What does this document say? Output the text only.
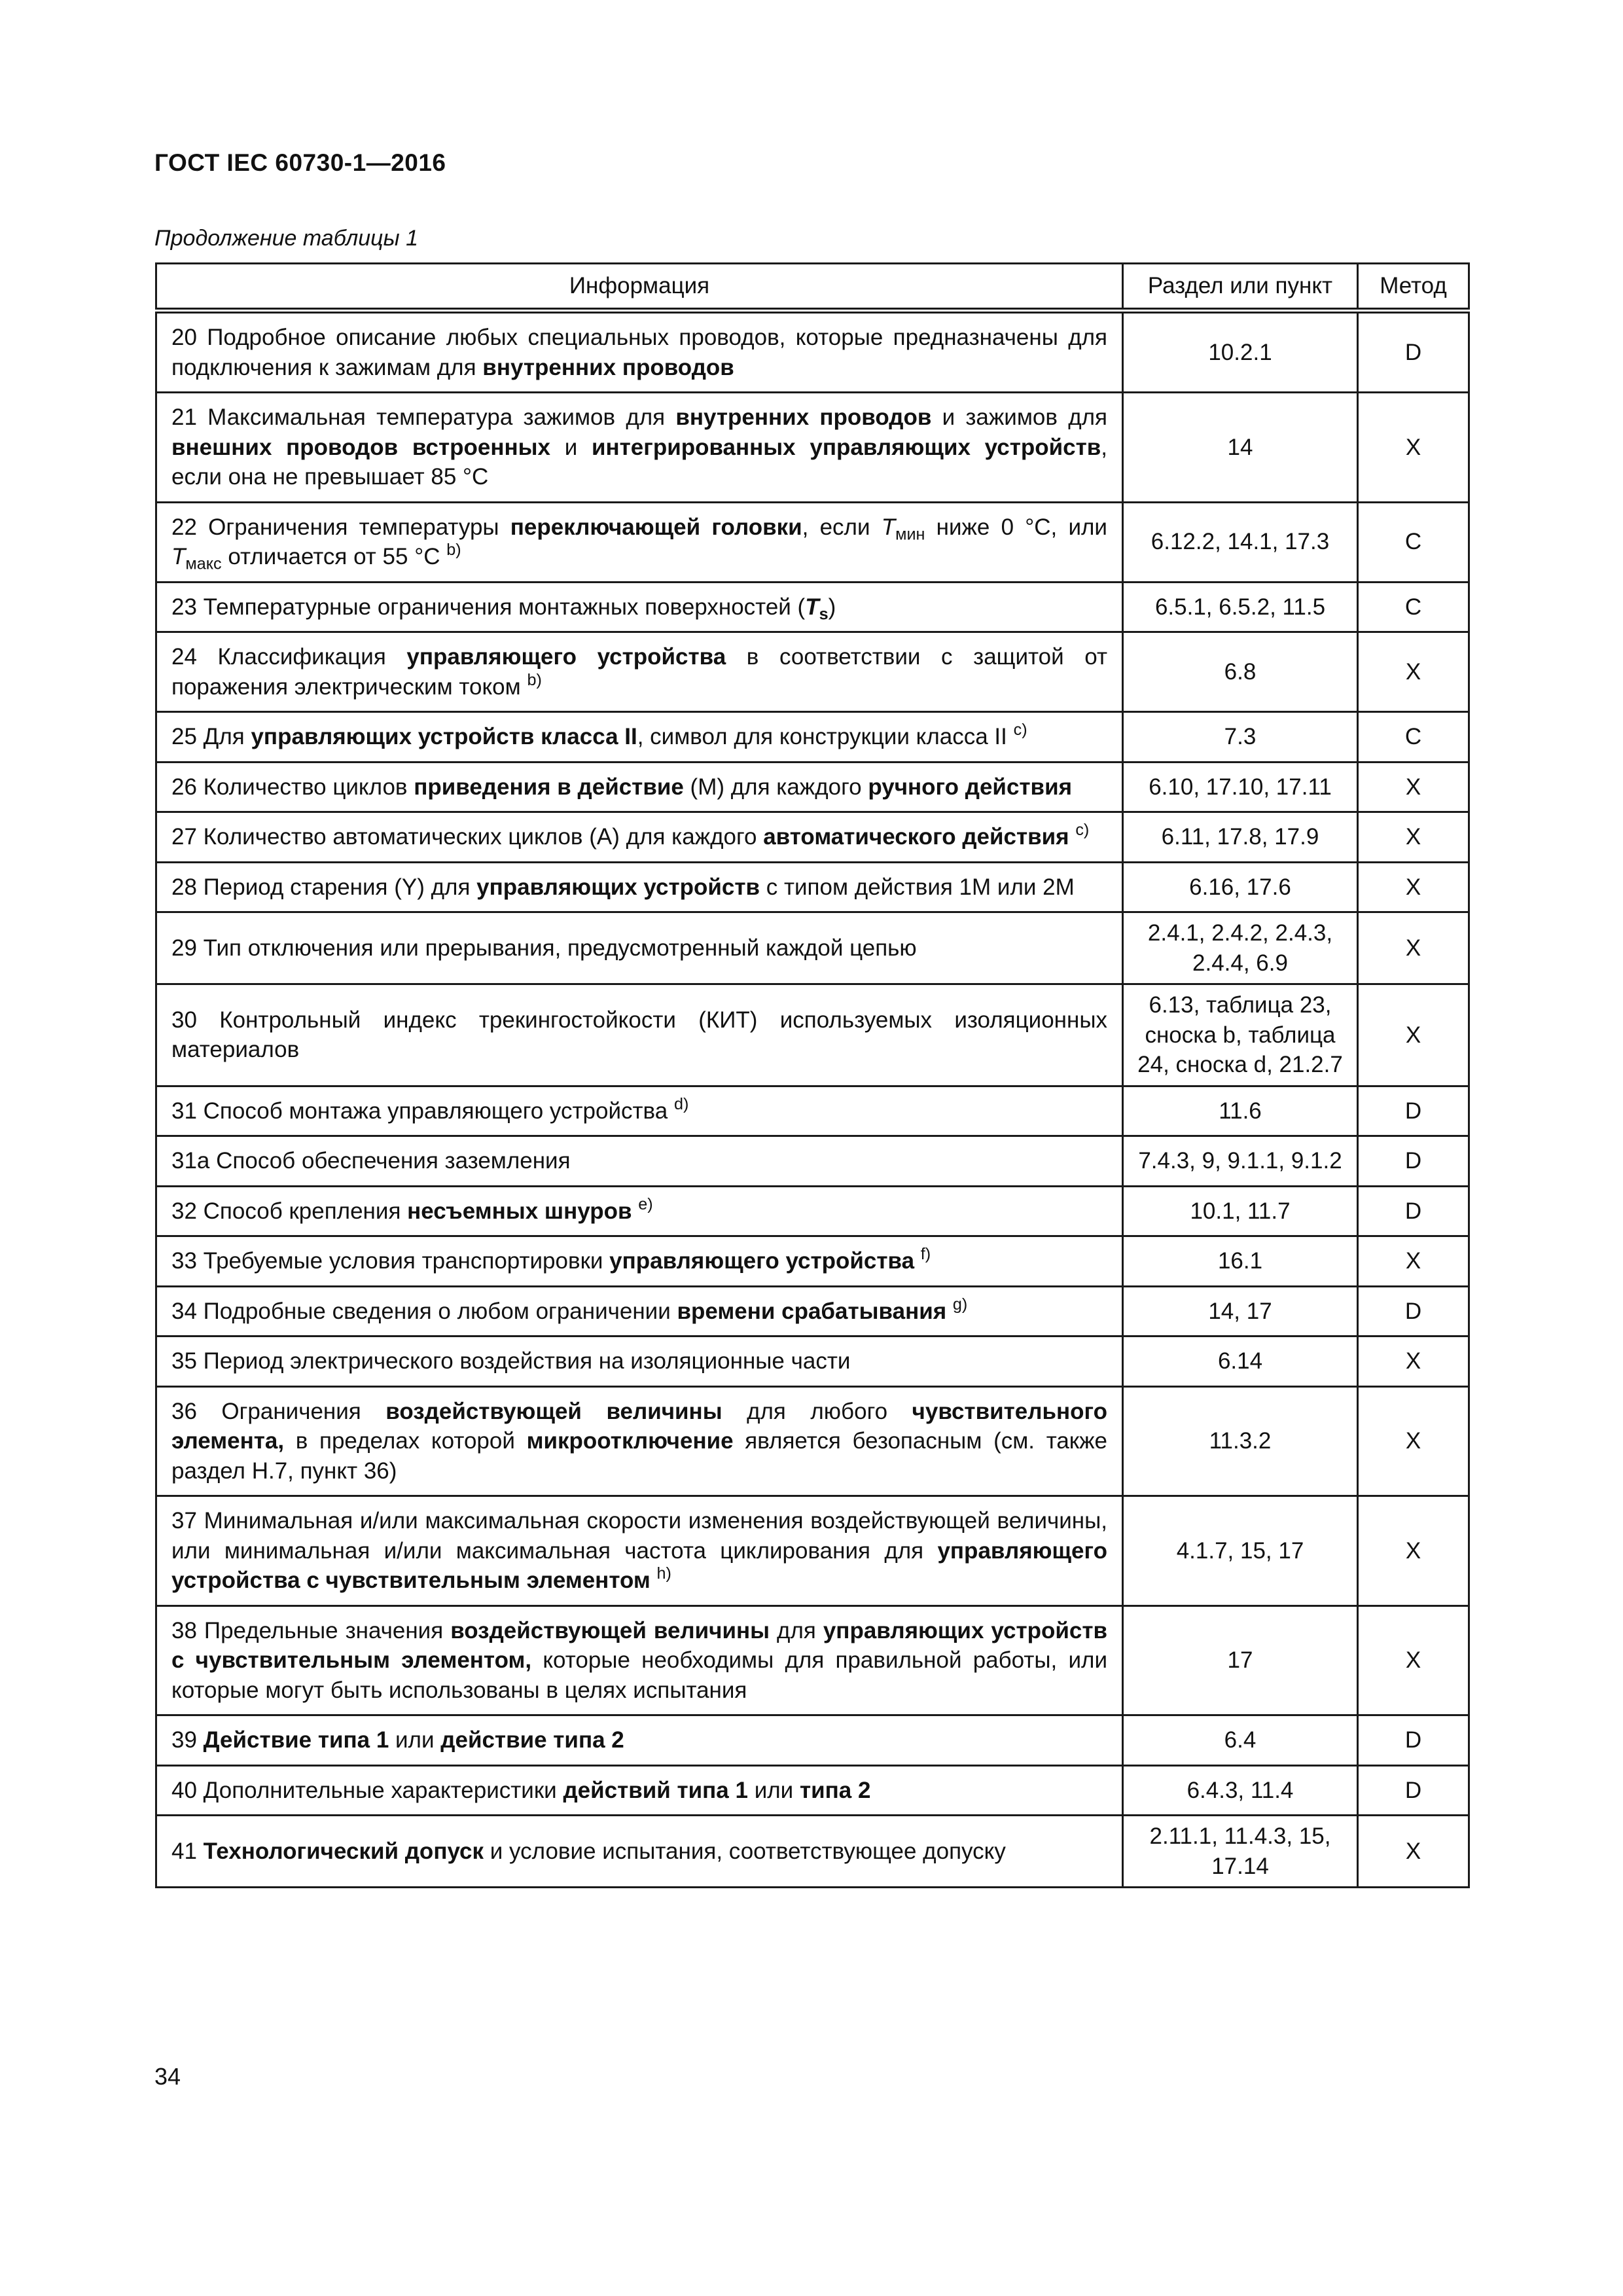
ГОСТ IEC 60730-1—2016
Продолжение таблицы 1
Информация	Раздел или пункт	Метод
20 Подробное описание любых специальных проводов, которые предназначены для подключения к зажимам для внутренних проводов	10.2.1	D
21 Максимальная температура зажимов для внутренних проводов и зажимов для внешних проводов встроенных и интегрированных управляющих устройств, если она не превышает 85 °С	14	X
22 Ограничения температуры переключающей головки, если $T_{мин}$ ниже 0 °С, или $T_{макс}$ отличается от 55 °С $^{b)}$	6.12.2, 14.1, 17.3	C
23 Температурные ограничения монтажных поверхностей $(T_s)$	6.5.1, 6.5.2, 11.5	C
24 Классификация управляющего устройства в соответствии с защитой от поражения электрическим током $^{b)}$	6.8	X
25 Для управляющих устройств класса II, символ для конструкции класса II $^{c)}$	7.3	C
26 Количество циклов приведения в действие (М) для каждого ручного действия	6.10, 17.10, 17.11	X
27 Количество автоматических циклов (А) для каждого автоматического действия $^{c)}$	6.11, 17.8, 17.9	X
28 Период старения (Y) для управляющих устройств с типом действия 1М или 2М	6.16, 17.6	X
29 Тип отключения или прерывания, предусмотренный каждой цепью	2.4.1, 2.4.2, 2.4.3, 2.4.4, 6.9	X
30 Контрольный индекс трекингостойкости (КИТ) используемых изоляционных материалов	6.13, таблица 23, сноска b, таблица 24, сноска d, 21.2.7	X
31 Способ монтажа управляющего устройства $^{d)}$	11.6	D
31а Способ обеспечения заземления	7.4.3, 9, 9.1.1, 9.1.2	D
32 Способ крепления несъемных шнуров $^{e)}$	10.1, 11.7	D
33 Требуемые условия транспортировки управляющего устройства $^{f)}$	16.1	X
34 Подробные сведения о любом ограничении времени срабатывания $^{g)}$	14, 17	D
35 Период электрического воздействия на изоляционные части	6.14	X
36 Ограничения воздействующей величины для любого чувствительного элемента, в пределах которой микроотключение является безопасным (см. также раздел Н.7, пункт 36)	11.3.2	X
37 Минимальная и/или максимальная скорости изменения воздействующей величины, или минимальная и/или максимальная частота циклирования для управляющего устройства с чувствительным элементом $^{h)}$	4.1.7, 15, 17	X
38 Предельные значения воздействующей величины для управляющих устройств с чувствительным элементом, которые необходимы для правильной работы, или которые могут быть использованы в целях испытания	17	X
39 Действие типа 1 или действие типа 2	6.4	D
40 Дополнительные характеристики действий типа 1 или типа 2	6.4.3, 11.4	D
41 Технологический допуск и условие испытания, соответствующее допуску	2.11.1, 11.4.3, 15, 17.14	X
34
